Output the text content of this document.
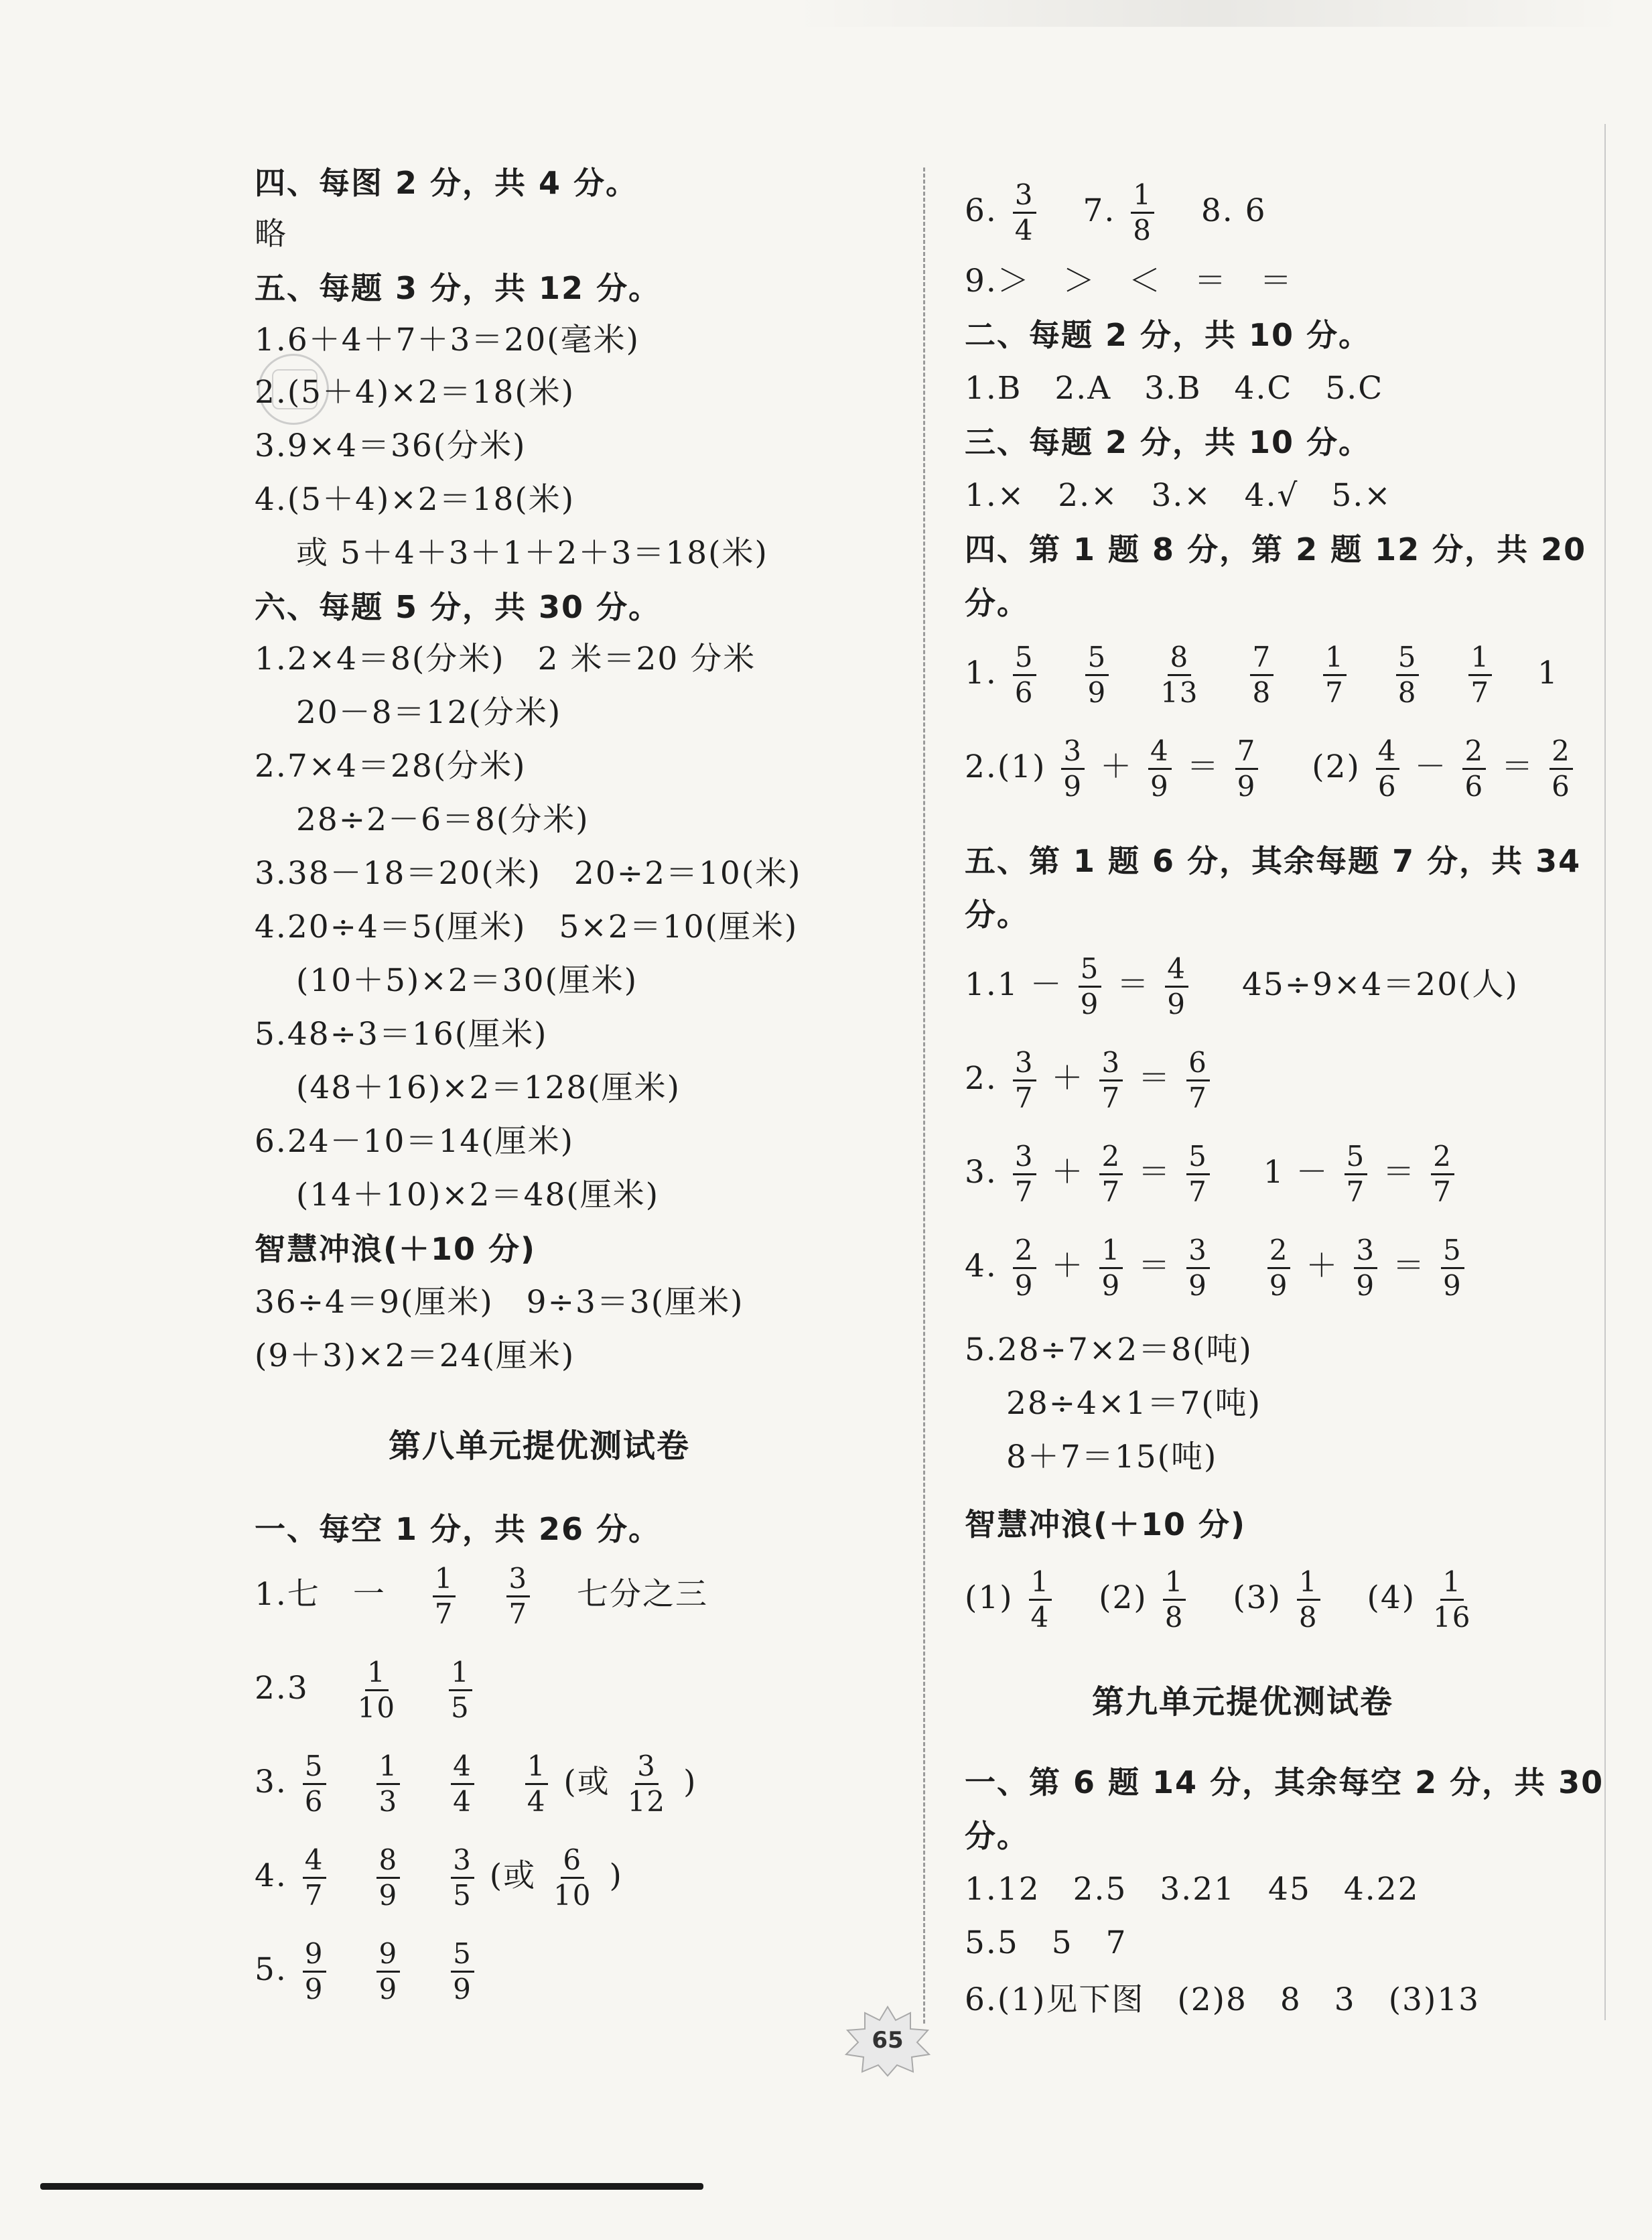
四、每图 2 分，共 4 分。
略
五、每题 3 分，共 12 分。
1.6＋4＋7＋3＝20(毫米)
2.(5＋4)×2＝18(米)
3.9×4＝36(分米)
4.(5＋4)×2＝18(米)
或 5＋4＋3＋1＋2＋3＝18(米)
六、每题 5 分，共 30 分。
1.2×4＝8(分米)　2 米＝20 分米
20－8＝12(分米)
2.7×4＝28(分米)
28÷2－6＝8(分米)
3.38－18＝20(米)　20÷2＝10(米)
4.20÷4＝5(厘米)　5×2＝10(厘米)
(10＋5)×2＝30(厘米)
5.48÷3＝16(厘米)
(48＋16)×2＝128(厘米)
6.24－10＝14(厘米)
(14＋10)×2＝48(厘米)
智慧冲浪(＋10 分)
36÷4＝9(厘米)　9÷3＝3(厘米)
(9＋3)×2＝24(厘米)
第八单元提优测试卷
一、每空 1 分，共 26 分。
1.七　一 $\frac{1}{7}$
$\frac{3}{7}$ 七分之三
$2.3 \frac{1}{10}$
$\frac{1}{5}$
3. $\frac{5}{6}$
$\frac{1}{3}$
$\frac{4}{4}$
$\frac{1}{4}$ (或 $\frac{3}{12}$ )
4. $\frac{4}{7}$
$\frac{8}{9}$
$\frac{3}{5}$ (或 $\frac{6}{10}$ )
5. $\frac{9}{9}$
$\frac{9}{9}$
$\frac{5}{9}$
6. $\frac{3}{4} 7$. $\frac{1}{8} 8$. 6
9.＞　＞　＜　＝　＝
二、每题 2 分，共 10 分。
1.B　2.A　3.B　4.C　5.C
三、每题 2 分，共 10 分。
1.×　2.×　3.×　4.√　5.×
四、第 1 题 8 分，第 2 题 12 分，共 20
分。
1. $\frac{5}{6}$
$\frac{5}{9}$
$\frac{8}{13}$
$\frac{7}{8}$
$\frac{1}{7}$
$\frac{5}{8}$
$\frac{1}{7} 1$
$2.(1) \frac{3}{9} + \frac{4}{9} = \frac{7}{9} (2) \frac{4}{6} - \frac{2}{6} = \frac{2}{6}$
五、第 1 题 6 分，其余每题 7 分，共 34
分。
$1.1 - \frac{5}{9} = \frac{4}{9} 45\div 9\times 4=20$(人)
2. $\frac{3}{7} + \frac{3}{7} = \frac{6}{7}$
3. $\frac{3}{7} + \frac{2}{7} = \frac{5}{7} 1 - \frac{5}{7} = \frac{2}{7}$
4. $\frac{2}{9} + \frac{1}{9} = \frac{3}{9}$
$\frac{2}{9} + \frac{3}{9} = \frac{5}{9}$
5.28÷7×2＝8(吨)
28÷4×1＝7(吨)
8＋7＝15(吨)
智慧冲浪(＋10 分)
$(1) \frac{1}{4} (2) \frac{1}{8} (3) \frac{1}{8} (4) \frac{1}{16}$
第九单元提优测试卷
一、第 6 题 14 分，其余每空 2 分，共 30
分。
1.12　2.5　3.21　45　4.22
5.5　5　7
6.(1)见下图　(2)8　8　3　(3)13
65
